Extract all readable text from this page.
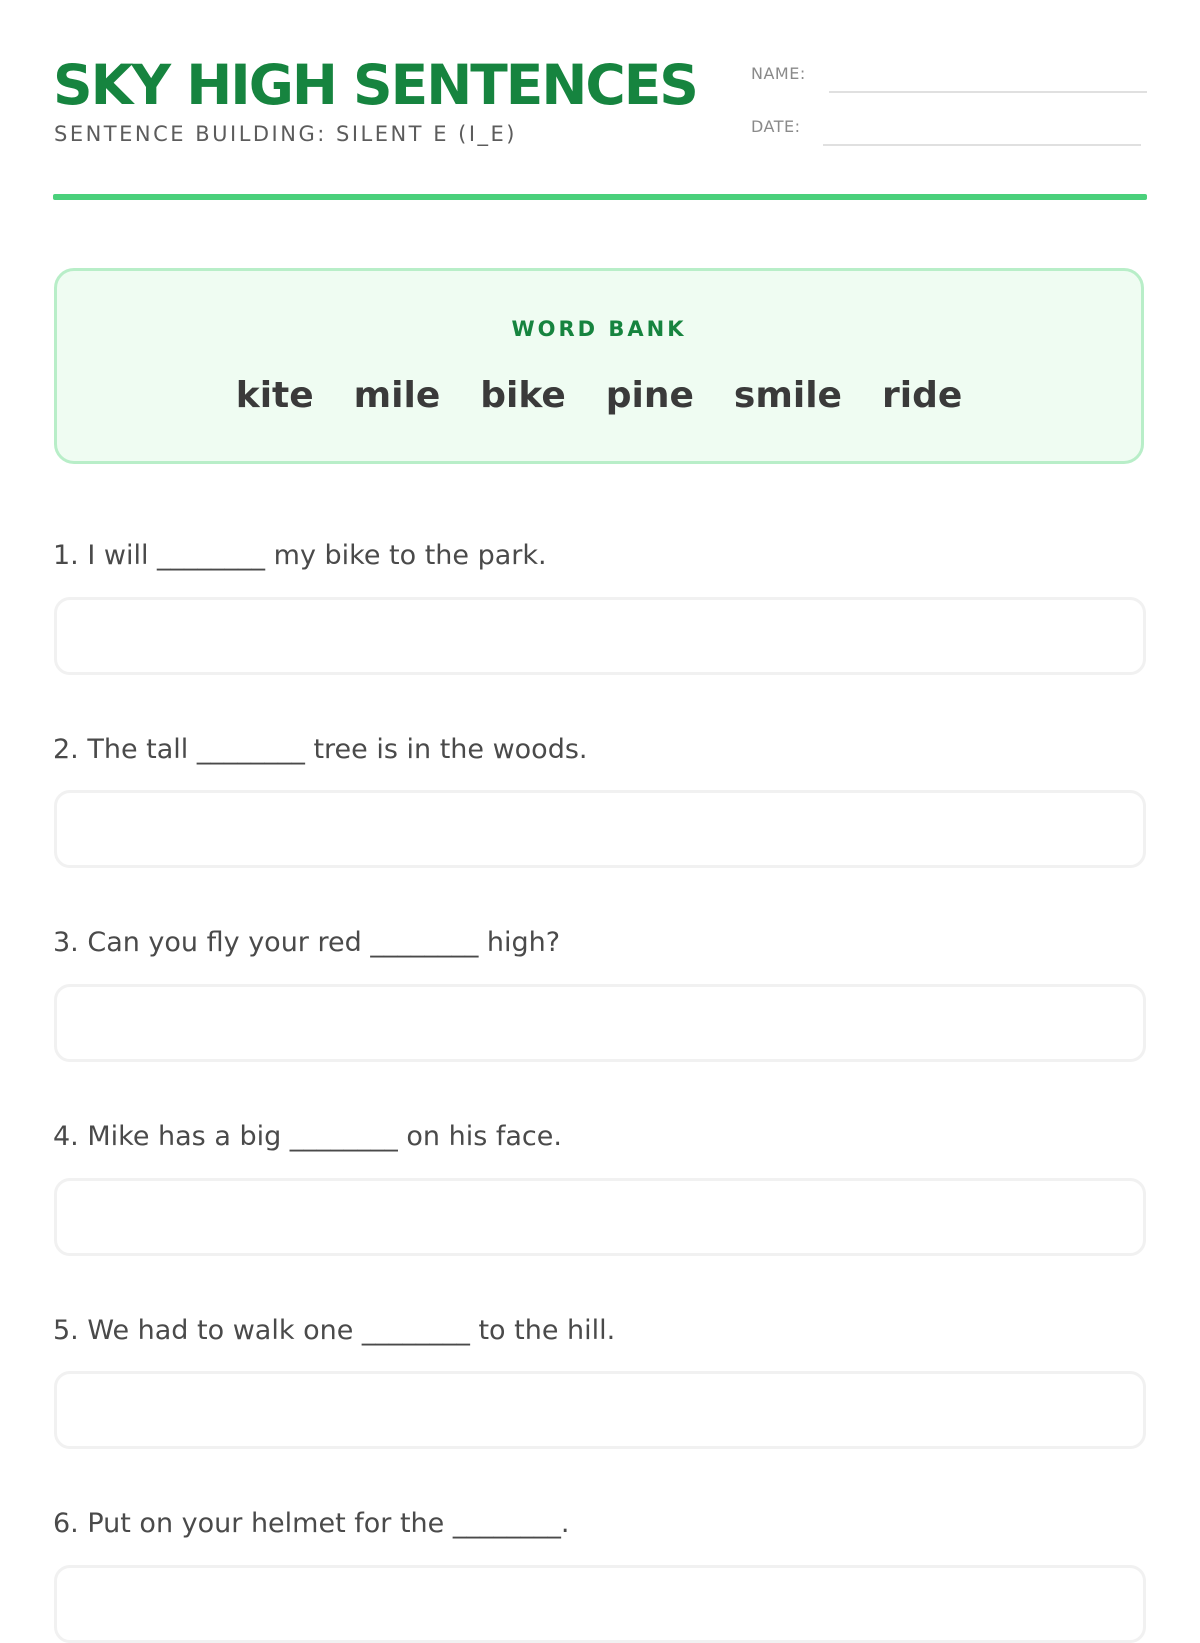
SKY HIGH SENTENCES
SENTENCE BUILDING: SILENT E (I_E)
NAME:
DATE:
WORD BANK
kite mile bike pine smile ride
1. I will ________ my bike to the park.
2. The tall ________ tree is in the woods.
3. Can you fly your red ________ high?
4. Mike has a big ________ on his face.
5. We had to walk one ________ to the hill.
6. Put on your helmet for the ________.
